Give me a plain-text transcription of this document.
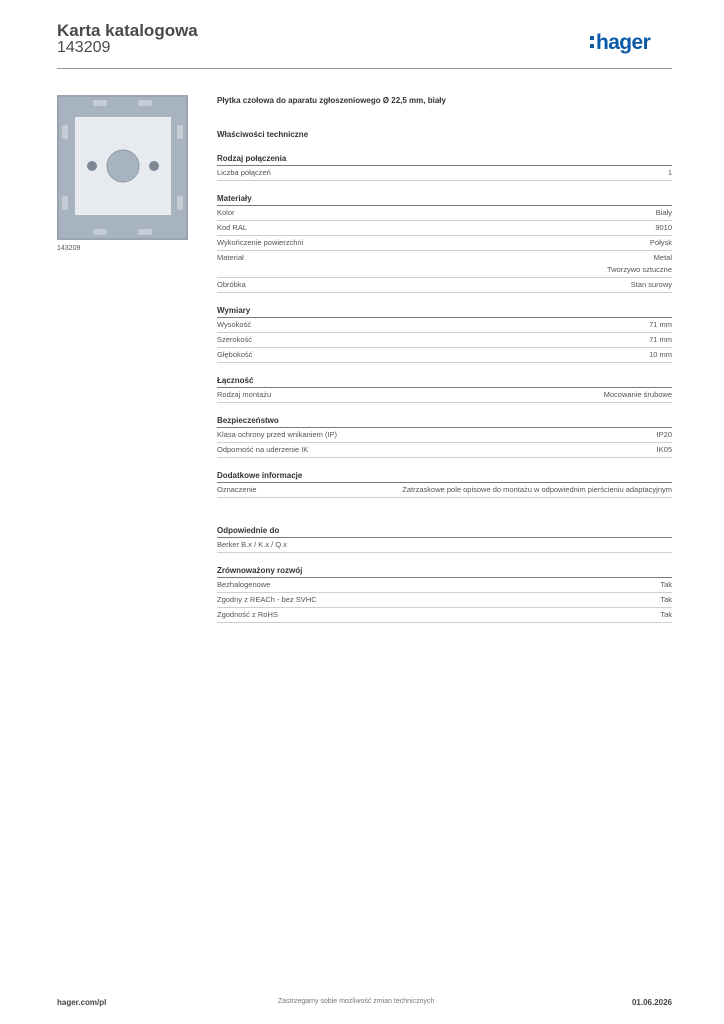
Karta katalogowa
143209	hager
143209
Płytka czołowa do aparatu zgłoszeniowego Ø 22,5 mm, biały
Właściwości techniczne
Rodzaj połączenia
Liczba połączeń	1
Materiały
Kolor	Biały
Kod RAL	9010
Wykończenie powierzchni	Połysk
Materiał	Metal
Tworzywo sztuczne
Obróbka	Stan surowy
Wymiary
Wysokość	71 mm
Szerokość	71 mm
Głębokość	10 mm
Łączność
Rodzaj montażu	Mocowanie śrubowe
Bezpieczeństwo
Klasa ochrony przed wnikaniem (IP)	IP20
Odporność na uderzenie IK	IK05
Dodatkowe informacje
Oznaczenie	Zatrzaskowe pole opisowe do montażu w odpowiednim pierścieniu adaptacyjnym
Odpowiednie do
Berker B.x / K.x / Q.x
Zrównoważony rozwój
Bezhalogenowe	Tak
Zgodny z REACh - bez SVHC	Tak
Zgodność z RoHS	Tak
hager.com/pl	Zastrzegamy sobie możliwość zmian technicznych	01.06.2026
